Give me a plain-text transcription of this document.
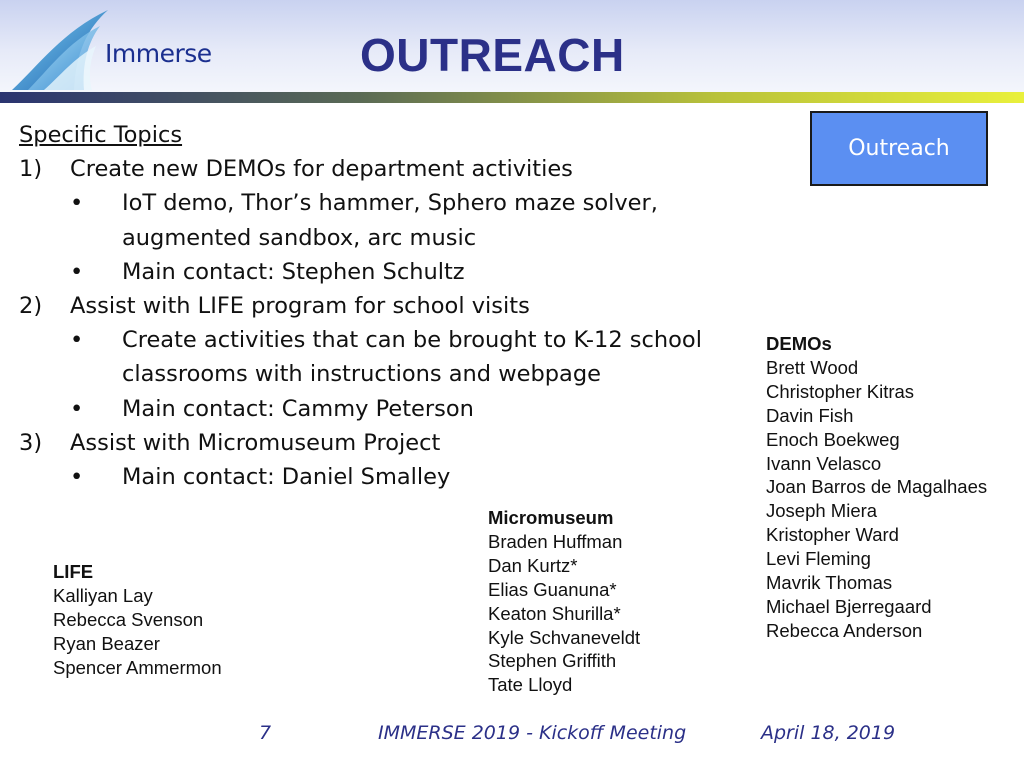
Immerse	OUTREACH
Outreach
Specific Topics
1) Create new DEMOs for department activities
• IoT demo, Thor’s hammer, Sphero maze solver,
augmented sandbox, arc music
• Main contact: Stephen Schultz
2) Assist with LIFE program for school visits
• Create activities that can be brought to K-12 school
classrooms with instructions and webpage
• Main contact: Cammy Peterson
3) Assist with Micromuseum Project
• Main contact: Daniel Smalley
DEMOs
Brett Wood
Christopher Kitras
Davin Fish
Enoch Boekweg
Ivann Velasco
Joan Barros de Magalhaes
Joseph Miera
Kristopher Ward
Levi Fleming
Mavrik Thomas
Michael Bjerregaard
Rebecca Anderson
Micromuseum
Braden Huffman
Dan Kurtz*
Elias Guanuna*
Keaton Shurilla*
Kyle Schvaneveldt
Stephen Griffith
Tate Lloyd
LIFE
Kalliyan Lay
Rebecca Svenson
Ryan Beazer
Spencer Ammermon
7	IMMERSE 2019 - Kickoff Meeting	April 18, 2019
